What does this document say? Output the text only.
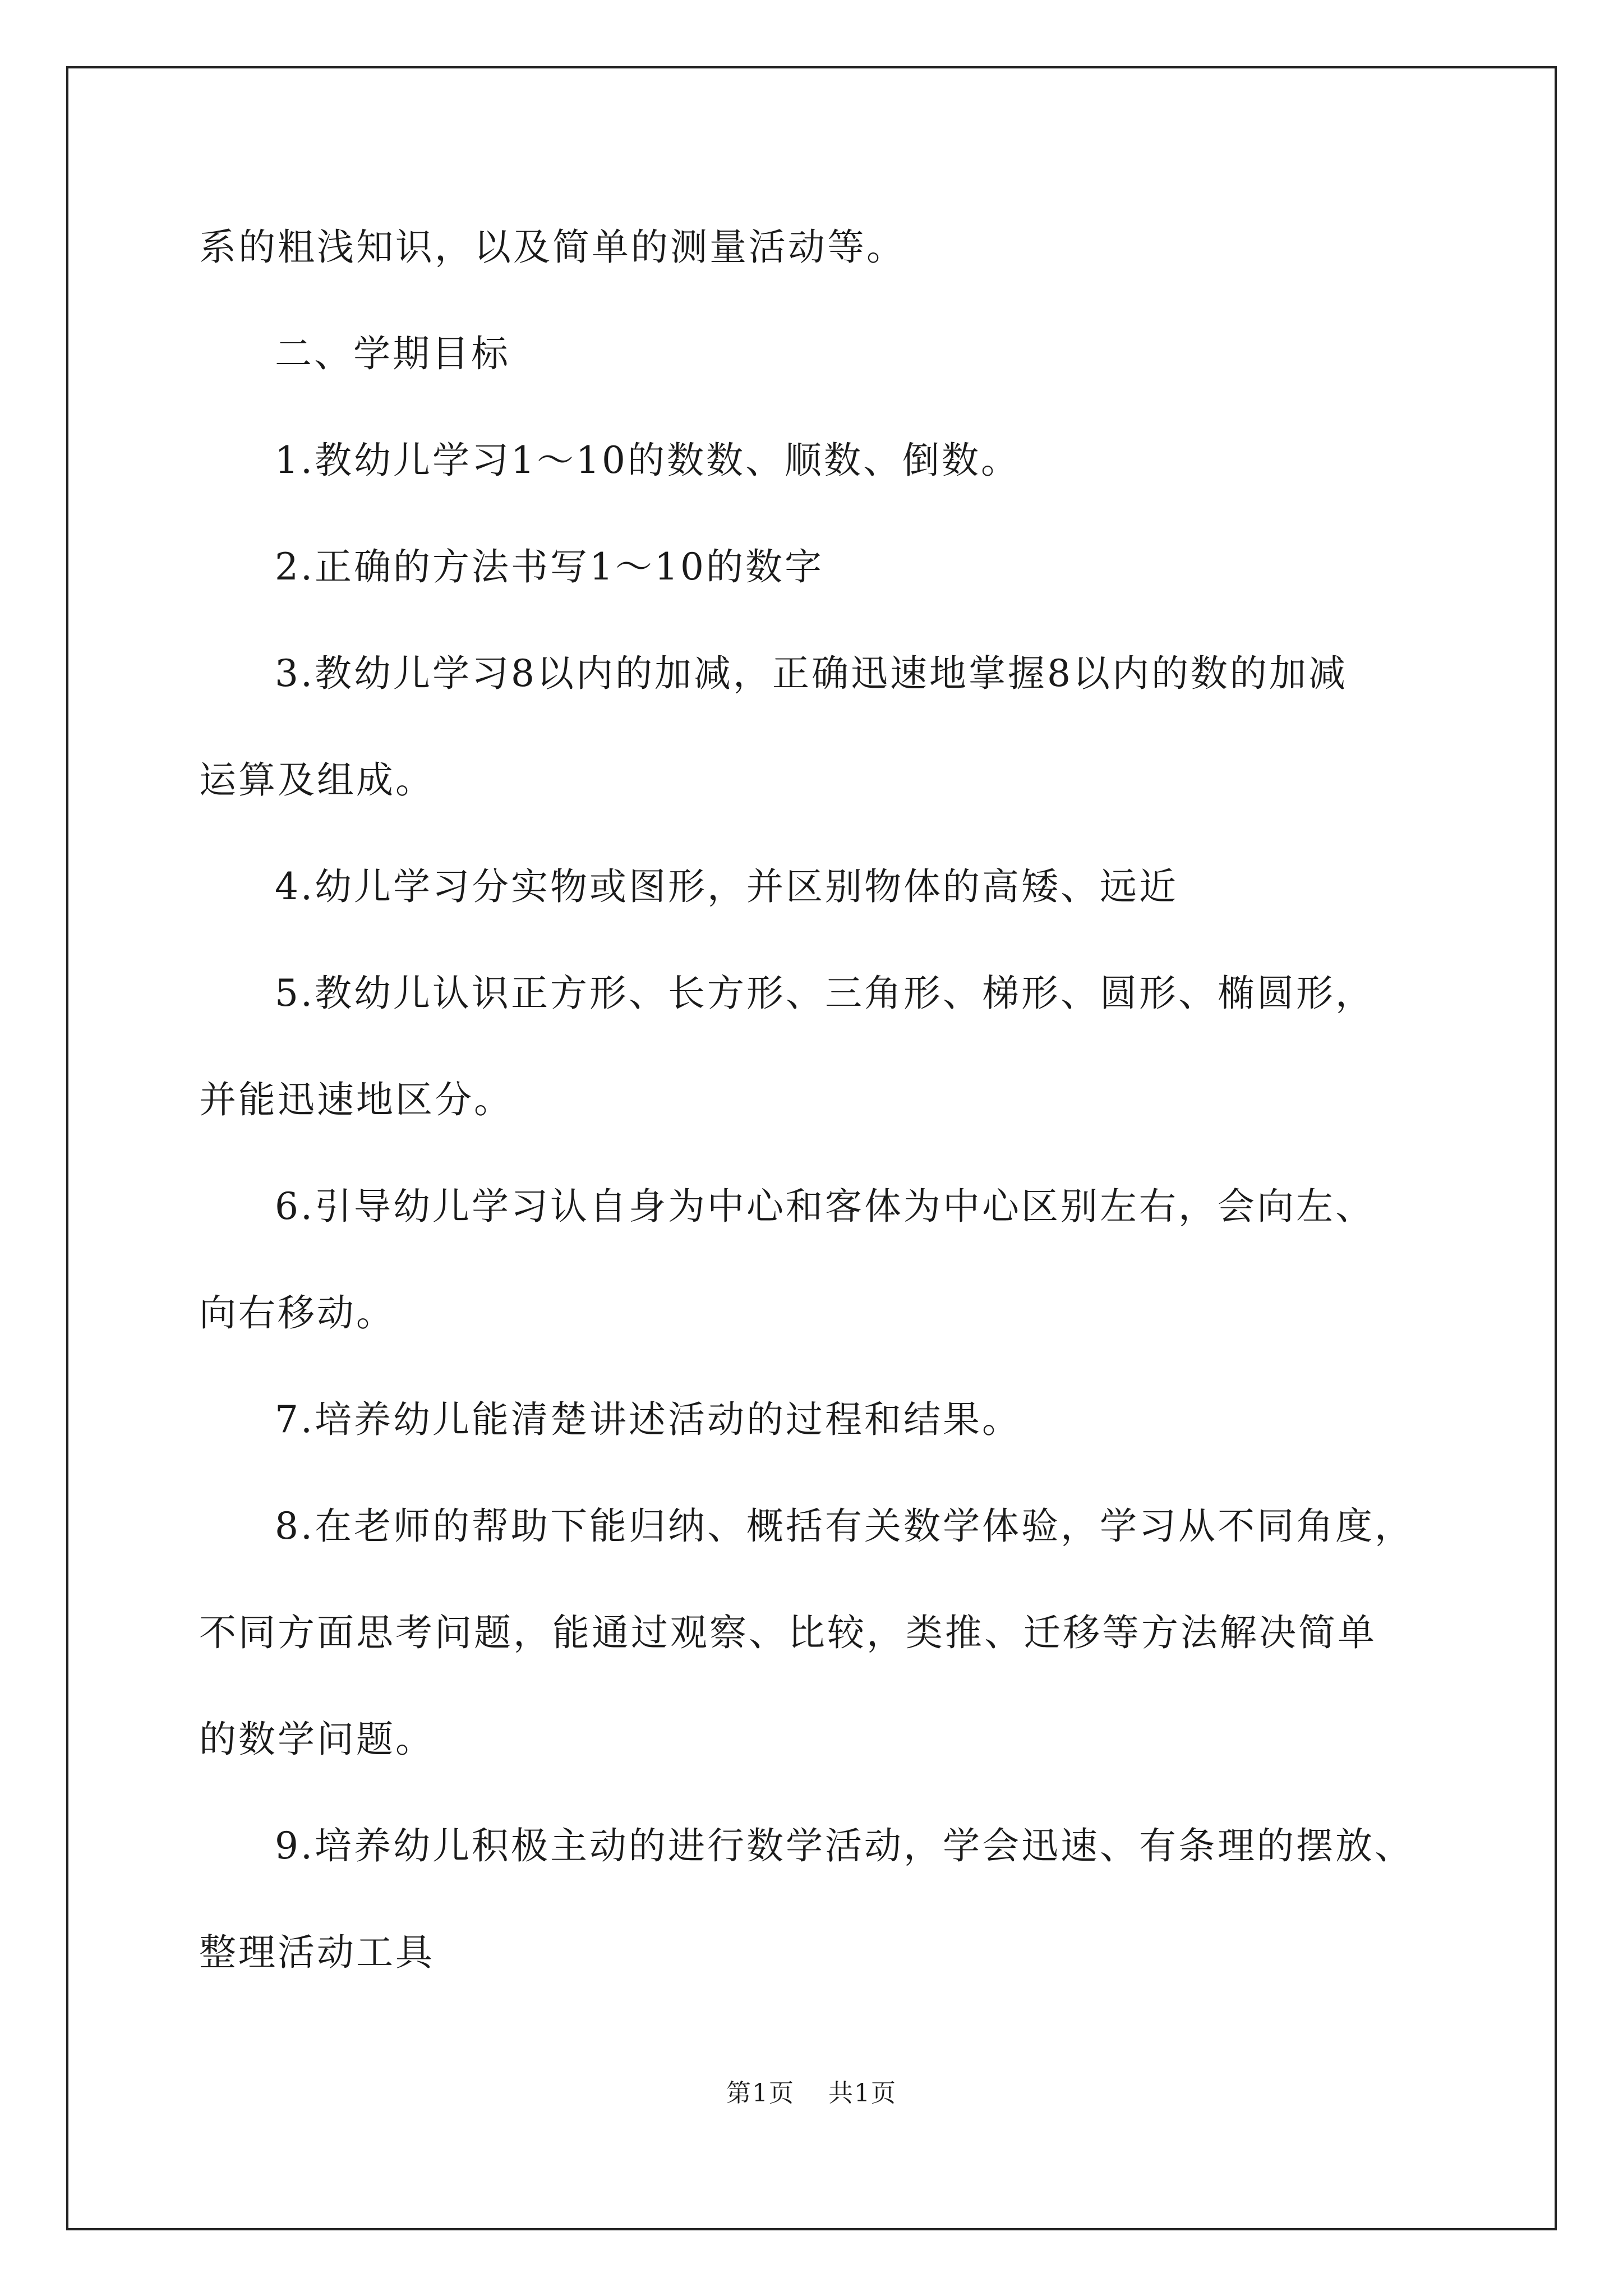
系的粗浅知识，以及简单的测量活动等。
二、学期目标
1.教幼儿学习1～10的数数、顺数、倒数。
2.正确的方法书写1～10的数字
3.教幼儿学习8以内的加减，正确迅速地掌握8以内的数的加减
运算及组成。
4.幼儿学习分实物或图形，并区别物体的高矮、远近
5.教幼儿认识正方形、长方形、三角形、梯形、圆形、椭圆形，
并能迅速地区分。
6.引导幼儿学习认自身为中心和客体为中心区别左右，会向左、
向右移动。
7.培养幼儿能清楚讲述活动的过程和结果。
8.在老师的帮助下能归纳、概括有关数学体验，学习从不同角度，
不同方面思考问题，能通过观察、比较，类推、迁移等方法解决简单
的数学问题。
9.培养幼儿积极主动的进行数学活动，学会迅速、有条理的摆放、
整理活动工具
第1页 共1页
